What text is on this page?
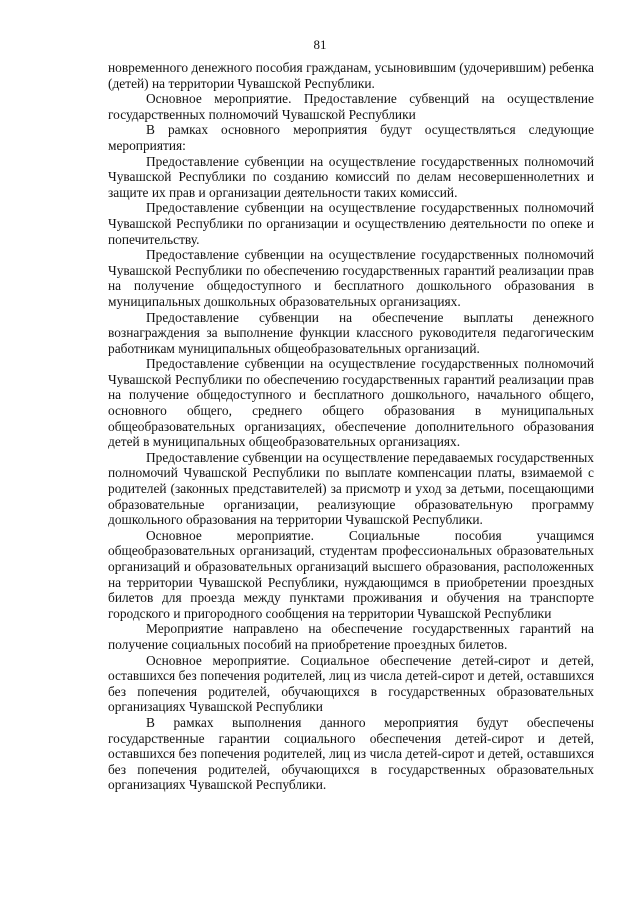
81

новременного денежного пособия гражданам, усыновившим (удочерившим) ребенка (детей) на территории Чувашской Республики.

Основное мероприятие. Предоставление субвенций на осуществление государственных полномочий Чувашской Республики

В рамках основного мероприятия будут осуществляться следующие мероприятия:

Предоставление субвенции на осуществление государственных полномочий Чувашской Республики по созданию комиссий по делам несовершеннолетних и защите их прав и организации деятельности таких комиссий.

Предоставление субвенции на осуществление государственных полномочий Чувашской Республики по организации и осуществлению деятельности по опеке и попечительству.

Предоставление субвенции на осуществление государственных полномочий Чувашской Республики по обеспечению государственных гарантий реализации прав на получение общедоступного и бесплатного дошкольного образования в муниципальных дошкольных образовательных организациях.

Предоставление субвенции на обеспечение выплаты денежного вознаграждения за выполнение функции классного руководителя педагогическим работникам муниципальных общеобразовательных организаций.

Предоставление субвенции на осуществление государственных полномочий Чувашской Республики по обеспечению государственных гарантий реализации прав на получение общедоступного и бесплатного дошкольного, начального общего, основного общего, среднего общего образования в муниципальных общеобразовательных организациях, обеспечение дополнительного образования детей в муниципальных общеобразовательных организациях.

Предоставление субвенции на осуществление передаваемых государственных полномочий Чувашской Республики по выплате компенсации платы, взимаемой с родителей (законных представителей) за присмотр и уход за детьми, посещающими образовательные организации, реализующие образовательную программу дошкольного образования на территории Чувашской Республики.

Основное мероприятие. Социальные пособия учащимся общеобразовательных организаций, студентам профессиональных образовательных организаций и образовательных организаций высшего образования, расположенных на территории Чувашской Республики, нуждающимся в приобретении проездных билетов для проезда между пунктами проживания и обучения на транспорте городского и пригородного сообщения на территории Чувашской Республики

Мероприятие направлено на обеспечение государственных гарантий на получение социальных пособий на приобретение проездных билетов.

Основное мероприятие. Социальное обеспечение детей-сирот и детей, оставшихся без попечения родителей, лиц из числа детей-сирот и детей, оставшихся без попечения родителей, обучающихся в государственных образовательных организациях Чувашской Республики

В рамках выполнения данного мероприятия будут обеспечены государственные гарантии социального обеспечения детей-сирот и детей, оставшихся без попечения родителей, лиц из числа детей-сирот и детей, оставшихся без попечения родителей, обучающихся в государственных образовательных организациях Чувашской Республики.
